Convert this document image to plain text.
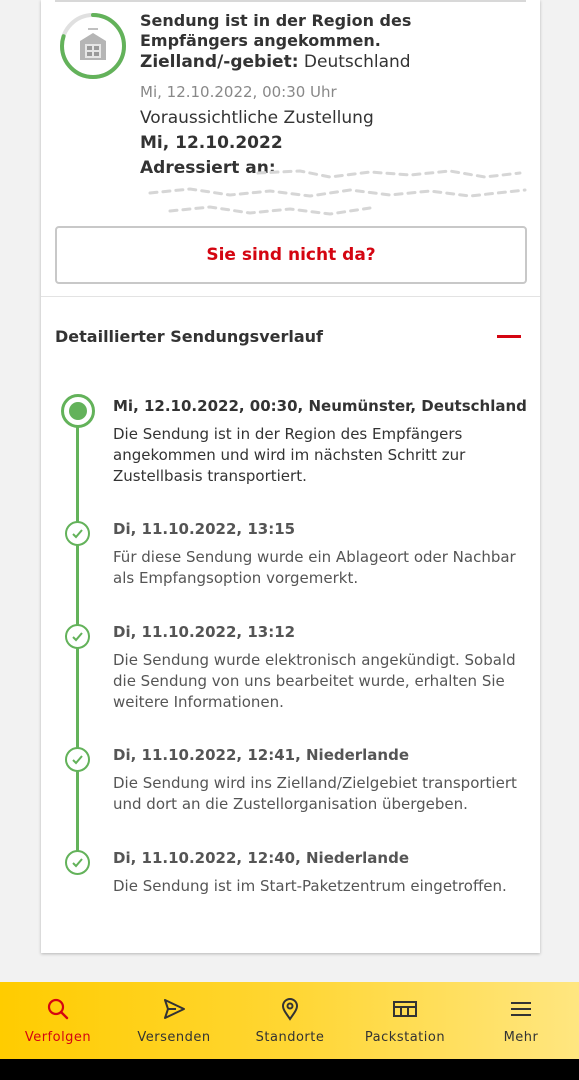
Sendung ist in der Region des Empfängers angekommen.
Zielland/-gebiet: Deutschland
Mi, 12.10.2022, 00:30 Uhr
Voraussichtliche Zustellung
Mi, 12.10.2022
Adressiert an:
Sie sind nicht da?
Detaillierter Sendungsverlauf
Mi, 12.10.2022, 00:30, Neumünster, Deutschland
Die Sendung ist in der Region des Empfängers angekommen und wird im nächsten Schritt zur Zustellbasis transportiert.
Di, 11.10.2022, 13:15
Für diese Sendung wurde ein Ablageort oder Nachbar als Empfangsoption vorgemerkt.
Di, 11.10.2022, 13:12
Die Sendung wurde elektronisch angekündigt. Sobald die Sendung von uns bearbeitet wurde, erhalten Sie weitere Informationen.
Di, 11.10.2022, 12:41, Niederlande
Die Sendung wird ins Zielland/Zielgebiet transportiert und dort an die Zustellorganisation übergeben.
Di, 11.10.2022, 12:40, Niederlande
Die Sendung ist im Start-Paketzentrum eingetroffen.
Verfolgen	Versenden	Standorte	Packstation	Mehr
